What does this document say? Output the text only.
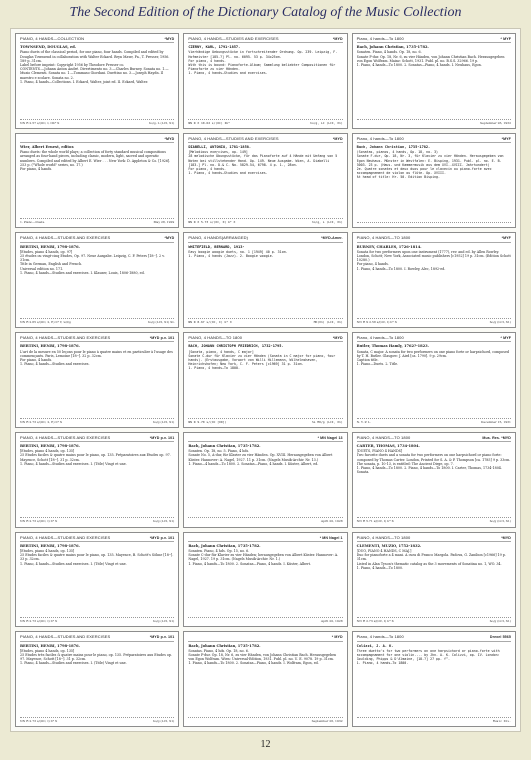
The Second Edition of the Dictionary Catalog of the Music Collection
PIANO, 4 HANDS—COLLECTION	*MYD
TOWNSEND, DOUGLAS, ed.
Piano duets of the classical period, for one piano, four hands. Compiled and edited by Douglas Townsend in collaboration with Walter Eckard. Bryn Mawr, Pa., T. Presser, 1956. 189 p. 31cm.
Label before imprint: Copyright 1956 by Theodore Presser co.
CONTENTS.—Johann Anton André. Divertimento no. 3.—Charles Burney. Sonata no. 1.—Muzio Clementi. Sonata no. 1.—Tommaso Giordani. Duettino no. 3.—Joseph Haydn. Il maestro e scolare. Sonata no. 2.
1. Piano, 4 hands—Collections. I. Eckard, Walter, joint ed. II. Eckard, Walter.
NN R 2.57 s/(OC, I, IIb* X	ho/g, L (LCI, X1)
*MYD
Wier, Albert Ernest, editor.
Piano duets: the whole world plays; a collection of forty standard musical compositions arranged as four-hand pieces, including classic, modern, light, sacred and operatic numbers. Compiled and edited by Albert E. Wier . . . New York: D. Appleton & Co. [1926]. 253 p. ("Whole world" series, no. 17.)
For piano, 4 hands.
1. Piano—Duets.	May 28, 1929
PIANO, 4 HANDS—STUDIES AND EXERCISES	*MYD
BERTINI, HENRI, 1798-1876.
[Etudes, piano 4 hands, op. 97]
25 études ou vingt-cinq Etudes, Op. 97. Neue Ausgabe. Leipzig, C. F. Peters [18--]. 2 v. 31cm.
Title in German, English and French.
Universal edition no. 171.
1. Piano, 4 hands—Studies and exercises. I. Klauser, Louis, 1806-1880, ed.
NN R 2.65 s/(OC, 2, E) b* Y, w/l/g	ho/g (LCI, X1) SL
PIANO, 4 HANDS—STUDIES AND EXERCISES	*MYD p.v. 101
BERTINI, HENRI, 1798-1876.
L'art de la mesure en 50 leçons pour le piano à quatre mains et en particulier à l'usage des commençants. Paris, Lemoine [18--]. 32 p. 32cm.
For piano, 4 hands.
1. Piano, 4 hands—Studies and exercises.
NN R 2.73 s/(OC, 2, E) b* X	ho/g (LCI, X1)
PIANO, 4 HANDS—STUDIES AND EXERCISES	*MYD p.v. 101
BERTINI, HENRI, 1798-1876.
[Etudes, piano 4 hands, op. 135]
25 Etudes faciles & quatre mains pour le piano, op. 135. Préparatoires aux Etudes op. 97. Mayence, Schott [18--]. 31 p. 32cm.
1. Piano, 4 hands—Studies and exercises. I. (Title) Vingt et une.
NN R 2.73 s/(OC, I) b* X	ho/g (LCI, X1)
PIANO, 4 HANDS—STUDIES AND EXERCISES	*MYD p.v. 101
BERTINI, HENRI, 1798-1876.
[Etudes, piano 4 hands, op. 135]
25 Etudes faciles & quatre mains pour le piano, op. 135. Mayence, B. Schott's Söhne [18--]. 33 p. 32cm.
1. Piano, 4 hands—Studies and exercises. I. (Title) Vingt et une.
NN R 2.73 s/(OC, I) b* X	ho/g (LCI, X1)
PIANO, 4 HANDS—STUDIES AND EXERCISES	*MYD p.v. 101
BERTINI, HENRI, 1798-1876.
[Etudes, piano 4 hands, op. 135]
25 Etudes très faciles & quatre mains pour le piano, op. 135. Préparatoires aux Etudes op. 97. Mayence, Schott [18--]. 31 p. 32cm.
1. Piano, 4 hands—Studies and exercises. I. (Title) Vingt et une.
NN R 2.73 s/(OC, I) b* X	ho/g (LCI, X1)
PIANO, 4 HANDS—STUDIES AND EXERCISES	*MYD
CZERNY, KARL, 1791-1857.
Vierhändige Uebungsstücke in fortschreitender Ordnung. Op. 239. Leipzig, F. Hofmeister [185-?] Pl. no. 6095. 53 p. 34x25cm.
For piano, 4 hands.
With this is bound: Pianoforte-Album; Sammlung beliebter Compositionen für Pianoforte zu vier Händen.
1. Piano, 4 hands—Studies and exercises.
NN R X 10.62 s/(OC) Ib*	ho/g, LC (LCI, X1)
PIANO, 4 HANDS—STUDIES AND EXERCISES	*MYD
DIABELLI, ANTONIO, 1781-1858.
[Melodious exercises, op. 149]
28 melodische Übungsstücke, für das Pianoforte auf 4 Hände mit Umfang von 5 Noten bei stillstehender Hand. Op. 149. Neue Ausgabe. Wien, A. Diabelli [183-] Pl. no. D.& C. No. 5829-54, 6798. 4 p. 1., 28cm.
For piano, 4 hands.
1. Piano, 4 hands—Studies and exercises.
NN R X 5.73 s/(OC, 0) b* X	ho/g, L (LCI, X1)
PIANO, 4 HANDS(ARRANGED)	*MYD-Amer.
WHITEFIELD, BERNARD, 1913-
Easy boogie woogie duets, no. 1 [1949] 40 p. 31cm.
1. Piano, 4 hands (Jazz). 2. Boogie woogie.
NN R 8.67 s/(OC, I) b* X	MO(X1) (LCI, X1)
PIANO, 4 HANDS—TO 1800	*MYD
BACH, JOHANN CHRISTOPH FRIEDRICH, 1732-1795.
[Sonata, piano, 4 hands, C major]
Sonate C-dur für Klavier zu vier Händen (Sonata in C major for piano, four hands). (Erstausgabe, Vorwort von Willi Hillemann, Wilhelmshaven, Heinrichshofen; New York, C. F. Peters [c1969] 31 p. 31cm.
1. Piano, 4 hands—To 1800.
NN R 9.70 s/(OC [OD])	SL MO/g (LCI, X1)
* MN Nagel 13
Bach, Johann Christian, 1735-1782.
Sonaten. Op. 18, no. 5. Piano, 4 hds.
Sonate No. 5, A-dur, für Klavier zu vier Händen. Op. XVIII. Herausgegeben von Albert Küster. Hannover: A. Nagel, 1927. 11 p. 31cm. (Nagels Musik-Archiv. Nr. 13.)
1. Piano—4 hands—To 1800. 2. Sonatas—Piano, 4 hands. I. Küster, Albert, ed.
April 20, 1928
* MN Nagel 1
Bach, Johann Christian, 1735-1782.
Sonaten. Piano, 4 hds. Op. 15, no. 6.
Sonate C-dur für Klavier zu vier Händen; herausgegeben von Albert Küster. Hannover: A. Nagel, 1927. 19 p. 31cm. (Nagels Musik-Archiv. Nr. 1.)
1. Piano, 4 hands—To 1800. 2. Sonatas—Piano, 4 hands. I. Küster, Albert.
April 20, 1928
* MYD
Bach, Johann Christian, 1735-1782.
Sonatas. Piano, 4 hds. Op. 18, no. 6.
Sonate F-dur. Op. 18, Nr. 6, zu vier Händen, von Johann Christian Bach. Herausgegeben von Egon Wolfram. Wien: Universal-Edition, 1931. Publ. pl. no. U. E. 9078. 19 p. 31cm.
1. Piano, 4 hands—To 1800. 2. Sonatas—Piano, 4 hands. I. Wolfram, Egon, ed.
September 26, 1932
Piano, 4 hands—To 1800	* MYF
Bach, Johann Christian, 1735-1782.
Sonaten. Piano, 4 hands. Op. 18, no. 6.
Sonate F-dur. Op. 18, Nr. 6, zu vier Händen, von Johann Christian Bach. Herausgegeben von Egon Wolfram. Mainz: Schott, 1931. Publ. pl. no. B.S.S. 32966. 19 p.
1. Piano, 4 hands—To 1800. 2. Sonatas—Piano, 4 hands. I. Neuhaus, Egon.
September 26, 1932
Piano, 4 hands—To 1800	*MYF
Bach, Johann Christian, 1735-1782.
(Sonatas, pianos, 4 hands, Op. 18, no. 3)
Sonate F-dur, Op. 18, Nr. 3, für Klavier zu vier Händen. Herausgegeben von Egon Neuhaus. Münster in Westfalen: E. Bisping, 1931. Publ. pl. no. E. B. 3003. 23 p. (Haus- und Kammermusik aus dem XVI.-XVIII. Jahrhundert)
2e. Quatre sonates et deux duos pour le clavecin ou piano-forte avec accompagnement de violon ou flûte. Op. XVIII.
At head of title: Hr. 50. Edition Bisping.
PIANO, 4 HANDS—TO 1800	*MYF
BURNEY, CHARLES, 1726-1814.
Sonata for two performers upon one instrument (1777), rev. and ed. by Allen Rowley. London, Schott; New York, Associated music publishers [c1952] 19 p. 31cm. (Edition Schott 10280.)
For piano, 4 hands.
1. Piano, 4 hands—To 1800. I. Rowley, Alec, 1892-ed.
NN R X 2.58 s/(OC, I) b* X	ho/g (LCI, X1)
Piano, 4 hands—To 1800	* MYF
Butler, Thomas Hamly, 1762?-1823.
Sonata, C major. A sonata for two performers on one piano forte or harpsichord, composed by T. H. Butler. Glasgow: J. Aird [ca. 1790]. 9 p. 29cm.
Caption title.
1. Piano—Duets. 2. Title.
N. Y. P. L.	December 15, 1931
PIANO, 4 HANDS—TO 1800	Mus. Res. *MYD
CARTER, THOMAS, 1734-1804.
[DUETS, PIANO 4 HANDS]
Two favorite duets and a sonata for two performers on one harpsichord or piano forte: composed by Thomas Carter. London, Printed for S. A. & P. Thompson [ca. 1785] 9 p. 33cm.
The sonata, p. 10-13, is entitled: The Ancient Dirge, op. 7.
1. Piano, 4 hands—To 1800. 2. Piano, 4 hands—To 1800. I. Carter, Thomas, 1734-1804. Sonata.
NN R 5.71 s/(OC, I) b* X	ho/g (LCI, X1)
PIANO, 4 HANDS—TO 1800	*MYD
CLEMENTI, MUZIO, 1752-1832.
[DUO, PIANO 4 HANDS, C MAJ.]
Duo for pianoforte a 4 mani. A cura di Franco Margola. Padova, G. Zanibon [c1966] 19 p. 31cm.
Listed in Alan Tyson's thematic catalog as the 3 movements of Sonatina no. 1, WO. 34.
1. Piano, 4 hands—To 1800.
NN R 2.73 s/(OC, I) b* X	ho/g (LCI, X1)
Piano, 4 hands—To 1800	Drexel 5565
Colizzi, J. A. K.
Three duetto's for two performers on one harpsichord or piano-forte with accompagnament for one violin.... by Jhn. A. K. Colizzi, op. IV. London: Goulding, Phipps & D'Almaine, [18-?] 27 pp. f°.
1. Piano, 4 hands—To 1800.
Music Div.
12
